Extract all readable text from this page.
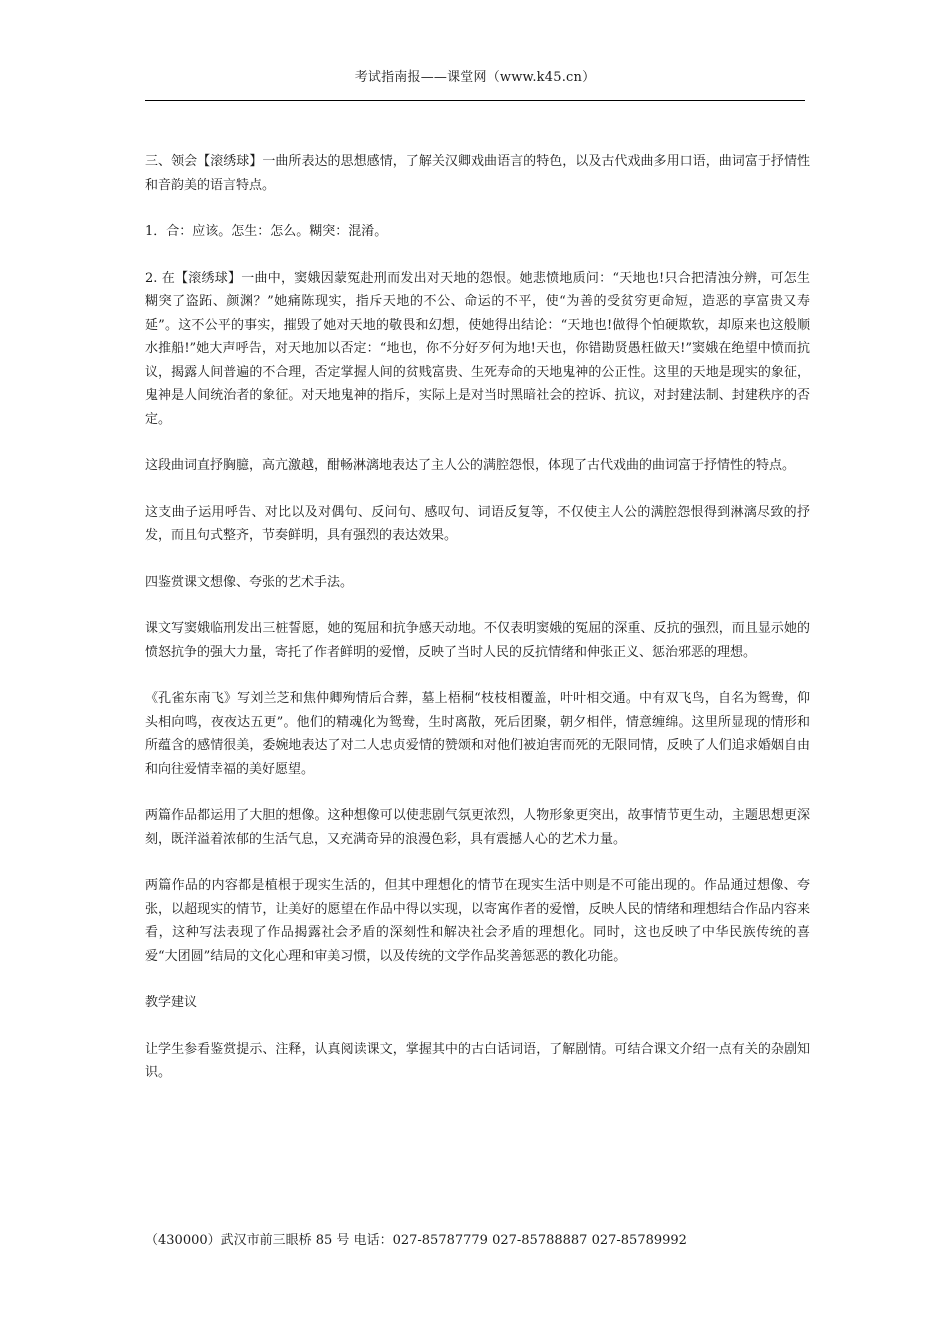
考试指南报——课堂网（www.k45.cn）

三、领会【滚绣球】一曲所表达的思想感情，了解关汉卿戏曲语言的特色，以及古代戏曲多用口语，曲词富于抒情性和音韵美的语言特点。

1．合：应该。怎生：怎么。糊突：混淆。

2. 在【滚绣球】一曲中，窦娥因蒙冤赴刑而发出对天地的怨恨。她悲愤地质问：“天地也!只合把清浊分辨，可怎生糊突了盗跖、颜渊？”她痛陈现实，指斥天地的不公、命运的不平，使“为善的受贫穷更命短，造恶的享富贵又寿延”。这不公平的事实，摧毁了她对天地的敬畏和幻想，使她得出结论：“天地也!做得个怕硬欺软，却原来也这般顺水推船!”她大声呼告，对天地加以否定：“地也，你不分好歹何为地!天也，你错勘贤愚枉做天!”窦娥在绝望中愤而抗议，揭露人间普遍的不合理，否定掌握人间的贫贱富贵、生死寿命的天地鬼神的公正性。这里的天地是现实的象征，鬼神是人间统治者的象征。对天地鬼神的指斥，实际上是对当时黑暗社会的控诉、抗议，对封建法制、封建秩序的否定。

这段曲词直抒胸臆，高亢激越，酣畅淋漓地表达了主人公的满腔怨恨，体现了古代戏曲的曲词富于抒情性的特点。

这支曲子运用呼告、对比以及对偶句、反问句、感叹句、词语反复等，不仅使主人公的满腔怨恨得到淋漓尽致的抒发，而且句式整齐，节奏鲜明，具有强烈的表达效果。

四鉴赏课文想像、夸张的艺术手法。

课文写窦娥临刑发出三桩誓愿，她的冤屈和抗争感天动地。不仅表明窦娥的冤屈的深重、反抗的强烈，而且显示她的愤怒抗争的强大力量，寄托了作者鲜明的爱憎，反映了当时人民的反抗情绪和伸张正义、惩治邪恶的理想。

《孔雀东南飞》写刘兰芝和焦仲卿殉情后合葬，墓上梧桐“枝枝相覆盖，叶叶相交通。中有双飞鸟，自名为鸳鸯，仰头相向鸣，夜夜达五更”。他们的精魂化为鸳鸯，生时离散，死后团聚，朝夕相伴，情意缠绵。这里所显现的情形和所蕴含的感情很美，委婉地表达了对二人忠贞爱情的赞颂和对他们被迫害而死的无限同情，反映了人们追求婚姻自由和向往爱情幸福的美好愿望。

两篇作品都运用了大胆的想像。这种想像可以使悲剧气氛更浓烈，人物形象更突出，故事情节更生动，主题思想更深刻，既洋溢着浓郁的生活气息，又充满奇异的浪漫色彩，具有震撼人心的艺术力量。

两篇作品的内容都是植根于现实生活的，但其中理想化的情节在现实生活中则是不可能出现的。作品通过想像、夸张，以超现实的情节，让美好的愿望在作品中得以实现，以寄寓作者的爱憎，反映人民的情绪和理想结合作品内容来看，这种写法表现了作品揭露社会矛盾的深刻性和解决社会矛盾的理想化。同时，这也反映了中华民族传统的喜爱“大团圆”结局的文化心理和审美习惯，以及传统的文学作品奖善惩恶的教化功能。

教学建议

让学生参看鉴赏提示、注释，认真阅读课文，掌握其中的古白话词语，了解剧情。可结合课文介绍一点有关的杂剧知识。

（430000）武汉市前三眼桥 85 号 电话：027-85787779 027-85788887 027-85789992
